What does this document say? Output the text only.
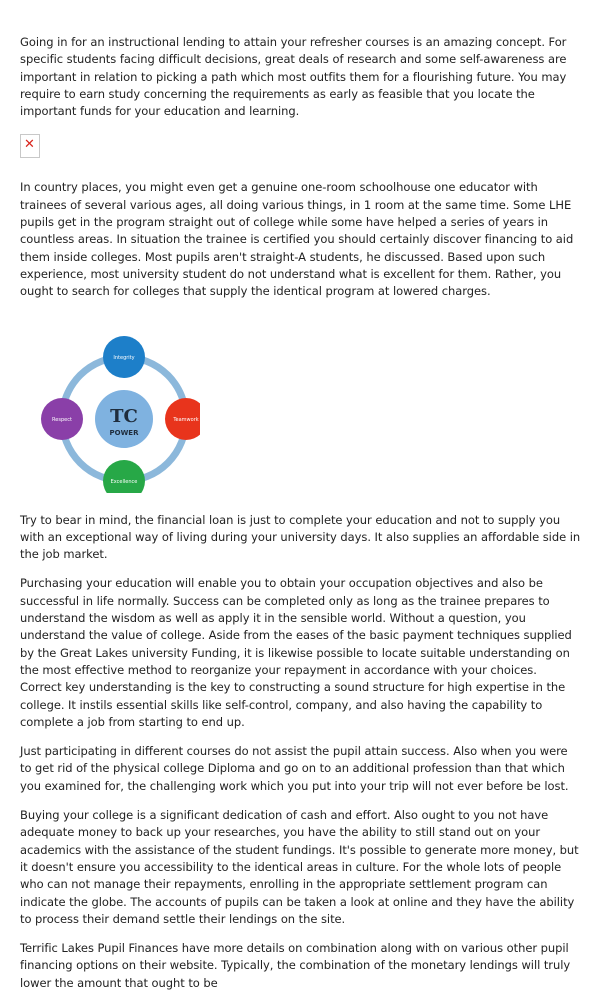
Going in for an instructional lending to attain your refresher courses is an amazing concept. For specific students facing difficult decisions, great deals of research and some self-awareness are important in relation to picking a path which most outfits them for a flourishing future. You may require to earn study concerning the requirements as early as feasible that you locate the important funds for your education and learning.

✕

In country places, you might even get a genuine one-room schoolhouse one educator with trainees of several various ages, all doing various things, in 1 room at the same time. Some LHE pupils get in the program straight out of college while some have helped a series of years in countless areas. In situation the trainee is certified you should certainly discover financing to aid them inside colleges. Most pupils aren't straight-A students, he discussed. Based upon such experience, most university student do not understand what is excellent for them. Rather, you ought to search for colleges that supply the identical program at lowered charges.

TC
POWER
Integrity
Teamwork
Excellence
Respect

Try to bear in mind, the financial loan is just to complete your education and not to supply you with an exceptional way of living during your university days. It also supplies an affordable side in the job market.

Purchasing your education will enable you to obtain your occupation objectives and also be successful in life normally. Success can be completed only as long as the trainee prepares to understand the wisdom as well as apply it in the sensible world. Without a question, you understand the value of college. Aside from the eases of the basic payment techniques supplied by the Great Lakes university Funding, it is likewise possible to locate suitable understanding on the most effective method to reorganize your repayment in accordance with your choices. Correct key understanding is the key to constructing a sound structure for high expertise in the college. It instils essential skills like self-control, company, and also having the capability to complete a job from starting to end up.

Just participating in different courses do not assist the pupil attain success. Also when you were to get rid of the physical college Diploma and go on to an additional profession than that which you examined for, the challenging work which you put into your trip will not ever before be lost.

Buying your college is a significant dedication of cash and effort. Also ought to you not have adequate money to back up your researches, you have the ability to still stand out on your academics with the assistance of the student fundings. It's possible to generate more money, but it doesn't ensure you accessibility to the identical areas in culture. For the whole lots of people who can not manage their repayments, enrolling in the appropriate settlement program can indicate the globe. The accounts of pupils can be taken a look at online and they have the ability to process their demand settle their lendings on the site.

Terrific Lakes Pupil Finances have more details on combination along with on various other pupil financing options on their website. Typically, the combination of the monetary lendings will truly lower the amount that ought to be
